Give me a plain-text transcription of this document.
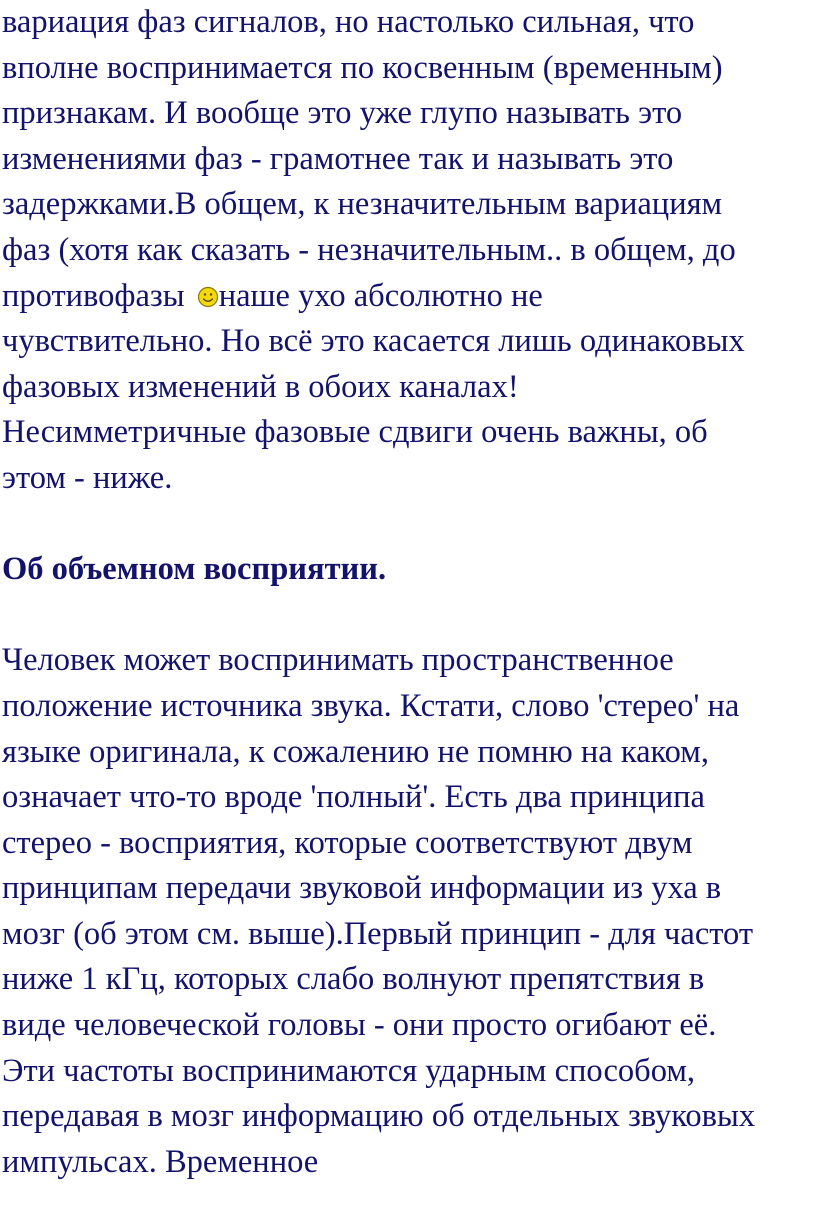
вариация фаз сигналов, но настолько сильная, что
вполне воспринимается по косвенным (временным)
признакам. И вообще это уже глупо называть это
изменениями фаз - грамотнее так и называть это
задержками.В общем, к незначительным вариациям
фаз (хотя как сказать - незначительным.. в общем, до
противофазы наше ухо абсолютно не
чувствительно. Но всё это касается лишь одинаковых
фазовых изменений в обоих каналах!
Несимметричные фазовые сдвиги очень важны, об
этом - ниже.

Об объемном восприятии.

Человек может воспринимать пространственное
положение источника звука. Кстати, слово 'стерео' на
языке оригинала, к сожалению не помню на каком,
означает что-то вроде 'полный'. Есть два принципа
стерео - восприятия, которые соответствуют двум
принципам передачи звуковой информации из уха в
мозг (об этом см. выше).Первый принцип - для частот
ниже 1 кГц, которых слабо волнуют препятствия в
виде человеческой головы - они просто огибают её.
Эти частоты воспринимаются ударным способом,
передавая в мозг информацию об отдельных звуковых
импульсах. Временное
